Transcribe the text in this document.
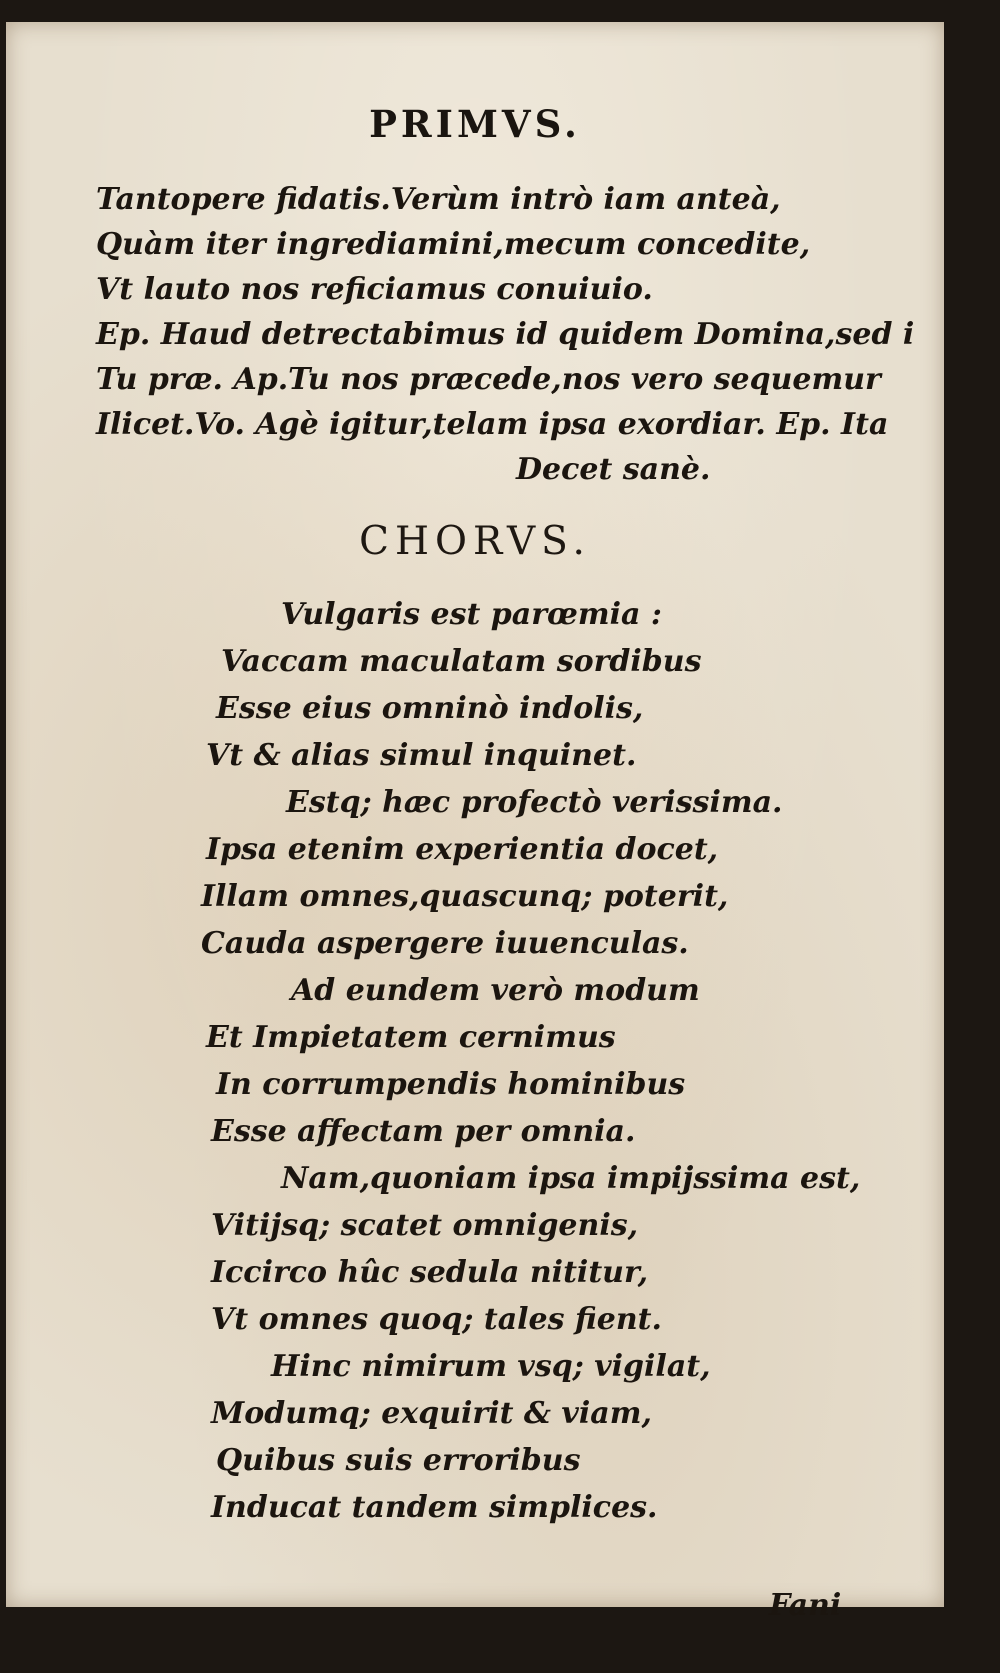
PRIMVS.
Tantopere fidatis.Verùm intrò iam anteà,
Quàm iter ingrediamini,mecum concedite,
Vt lauto nos reficiamus conuiuio.
Ep. Haud detrectabimus id quidem Domina,sed i
Tu præ. Ap.Tu nos præcede,nos vero sequemur
Ilicet.Vo. Agè igitur,telam ipsa exordiar. Ep. Ita
Decet sanè.
CHORVS.
Vulgaris est parœmia :
Vaccam maculatam sordibus
Esse eius omninò indolis,
Vt & alias simul inquinet.
Estq; hæc profectò verissima.
Ipsa etenim experientia docet,
Illam omnes,quascunq; poterit,
Cauda aspergere iuuenculas.
Ad eundem verò modum
Et Impietatem cernimus
In corrumpendis hominibus
Esse affectam per omnia.
Nam,quoniam ipsa impijssima est,
Vitijsq; scatet omnigenis,
Iccirco hûc sedula nititur,
Vt omnes quoq; tales fient.
Hinc nimirum vsq; vigilat,
Modumq; exquirit & viam,
Quibus suis erroribus
Inducat tandem simplices.
Fani
